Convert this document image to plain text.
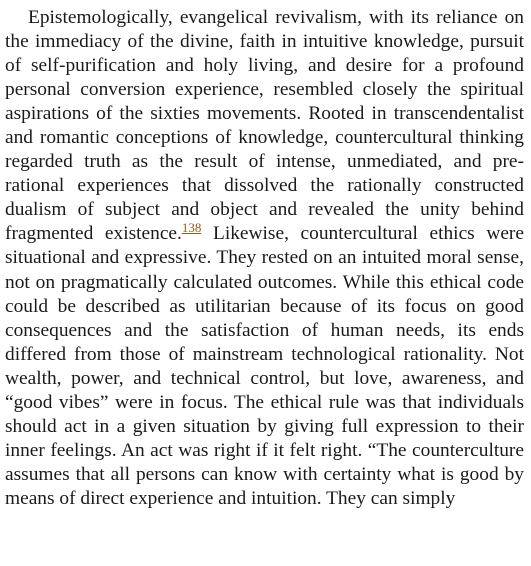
Epistemologically, evangelical revivalism, with its reliance on the immediacy of the divine, faith in intuitive knowledge, pursuit of self-purification and holy living, and desire for a profound personal conversion experience, resembled closely the spiritual aspirations of the sixties movements. Rooted in transcendentalist and romantic conceptions of knowledge, countercultural thinking regarded truth as the result of intense, unmediated, and pre-rational experiences that dissolved the rationally constructed dualism of subject and object and revealed the unity behind fragmented existence.$^{138}$ Likewise, countercultural ethics were situational and expressive. They rested on an intuited moral sense, not on pragmatically calculated outcomes. While this ethical code could be described as utilitarian because of its focus on good consequences and the satisfaction of human needs, its ends differed from those of mainstream technological rationality. Not wealth, power, and technical control, but love, awareness, and “good vibes” were in focus. The ethical rule was that individuals should act in a given situation by giving full expression to their inner feelings. An act was right if it felt right. “The counterculture assumes that all persons can know with certainty what is good by means of direct experience and intuition. They can simply
